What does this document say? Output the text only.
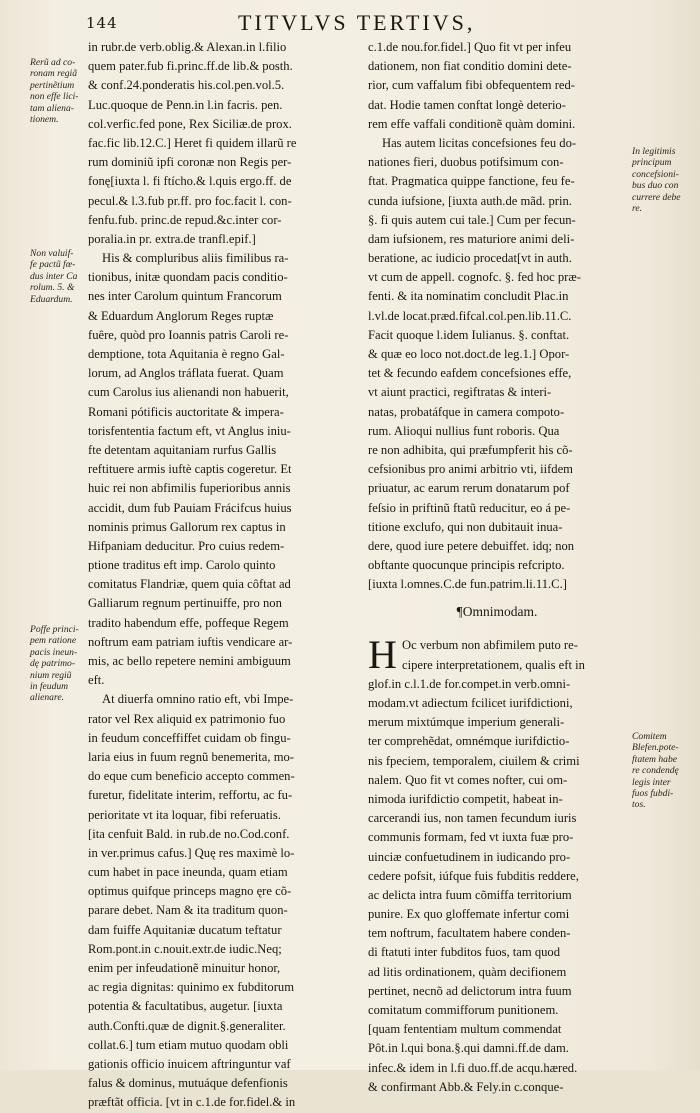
144	TITVLVS TERTIVS,
in rubr.de verb.oblig.& Alexan.in l.filio
quem pater.fub fi.princ.ff.de lib.& posth.
& conf.24.ponderatis his.col.pen.vol.5.
Luc.quoque de Penn.in l.in facris. pen.
col.verfic.fed pone, Rex Siciliæ.de prox.
fac.fic lib.12.C.] Heret fi quidem illarũ re
rum dominiũ ipfi coronæ non Regis per-
fonę[iuxta l. fi ftícho.& l.quis ergo.ff. de
pecul.& l.3.fub pr.ff. pro foc.facit l. con-
fenfu.fub. princ.de repud.&c.inter cor-
poralia.in pr. extra.de tranfl.epif.]
His & compluribus aliis fimilibus ra-
tionibus, initæ quondam pacis conditio-
nes inter Carolum quintum Francorum
& Eduardum Anglorum Reges ruptæ
fuêre, quòd pro Ioannis patris Caroli re-
demptione, tota Aquitania è regno Gal-
lorum, ad Anglos tráflata fuerat. Quam
cum Carolus ius alienandi non habuerit,
Romani pótificis auctoritate & impera-
torisfententia factum eft, vt Anglus iniu-
fte detentam aquitaniam rurfus Gallis
reftituere armis iuftè captis cogeretur. Et
huic rei non abfimilis fuperioribus annis
accidit, dum fub Pauiam Frácifcus huius
nominis primus Gallorum rex captus in
Hifpaniam deducitur. Pro cuius redem-
ptione traditus eft imp. Carolo quinto
comitatus Flandriæ, quem quia côftat ad
Galliarum regnum pertinuiffe, pro non
tradito habendum effe, poffeque Regem
noftrum eam patriam iuftis vendicare ar-
mis, ac bello repetere nemini ambiguum
eft.
At diuerfa omnino ratio eft, vbi Impe-
rator vel Rex aliquid ex patrimonio fuo
in feudum conceffiffet cuidam ob fingu-
laria eius in fuum regnũ benemerita, mo-
do eque cum beneficio accepto commen-
furetur, fidelitate interim, reffortu, ac fu-
perioritate vt ita loquar, fibi referuatis.
[ita cenfuit Bald. in rub.de no.Cod.conf.
in ver.primus cafus.] Quę res maximè lo-
cum habet in pace ineunda, quam etiam
optimus quifque princeps magno ęre cõ-
parare debet. Nam & ita traditum quon-
dam fuiffe Aquitaniæ ducatum teftatur
Rom.pont.in c.nouit.extr.de iudic.Neq;
enim per infeudationẽ minuitur honor,
ac regia dignitas: quinimo ex fubditorum
potentia & facultatibus, augetur. [iuxta
auth.Confti.quæ de dignit.§.generaliter.
collat.6.] tum etiam mutuo quodam obli
gationis officio inuicem aftringuntur vaf
falus & dominus, mutuáque defenfionis
præftãt officia. [vt in c.1.de for.fidel.& in
c.1.de nou.for.fidel.] Quo fit vt per infeu
dationem, non fiat conditio domini dete-
rior, cum vaffalum fibi obfequentem red-
dat. Hodie tamen conftat longè deterio-
rem effe vaffali conditionẽ quàm domini.
Has autem licitas concefsiones feu do-
nationes fieri, duobus potifsimum con-
ftat. Pragmatica quippe fanctione, feu fe-
cunda iufsione, [iuxta auth.de mãd. prin.
§. fi quis autem cui tale.] Cum per fecun-
dam iufsionem, res maturiore animi deli-
beratione, ac iudicio procedat[vt in auth.
vt cum de appell. cognofc. §. fed hoc præ-
fenti. & ita nominatim concludit Plac.in
l.vl.de locat.præd.fifcal.col.pen.lib.11.C.
Facit quoque l.idem Iulianus. §. conftat.
& quæ eo loco not.doct.de leg.1.] Opor-
tet & fecundo eafdem concefsiones effe,
vt aiunt practici, regiftratas & interi-
natas, probatáfque in camera compoto-
rum. Alioqui nullius funt roboris. Qua
re non adhibita, qui præfumpferit his cõ-
cefsionibus pro animi arbitrio vti, iifdem
priuatur, ac earum rerum donatarum pof
feſsio in priftinũ ftatũ reducitur, eo á pe-
titione exclufo, qui non dubitauit inua-
dere, quod iure petere debuiffet. idq; non
obftante quocunque principis refcripto.
[iuxta l.omnes.C.de fun.patrim.li.11.C.]
¶Omnimodam.
H Oc verbum non abfimilem puto re-
cipere interpretationem, qualis eft in
glof.in c.l.1.de for.compet.in verb.omni-
modam.vt adiectum fcilicet iurifdictioni,
merum mixtúmque imperium generali-
ter comprehẽdat, omnémque iurifdictio-
nis fpeciem, temporalem, ciuilem & crimi
nalem. Quo fit vt comes nofter, cui om-
nimoda iurifdictio competit, habeat in-
carcerandi ius, non tamen fecundum iuris
communis formam, fed vt iuxta fuæ pro-
uinciæ confuetudinem in iudicando pro-
cedere pofsit, iúfque fuis fubditis reddere,
ac delicta intra fuum cõmiffa territorium
punire. Ex quo gloffemate infertur comi
tem noftrum, facultatem habere conden-
di ftatuti inter fubditos fuos, tam quod
ad litis ordinationem, quàm decifionem
pertinet, necnõ ad delictorum intra fuum
comitatum commifforum punitionem.
[quam fententiam multum commendat
Pôt.in l.qui bona.§.qui damni.ff.de dam.
infec.& idem in l.fi duo.ff.de acqu.hæred.
& confirmant Abb.& Fely.in c.conque-
Rerũ ad co-
ronam regiã
pertinẽtium
non effe lici-
tam aliena-
tionem.
Non valuif-
fe pactũ fœ-
dus inter Ca
rolum. 5. &
Eduardum.
Poffe princi-
pem ratione
pacis ineun-
dę patrimo-
nium regiũ
in feudum
alienare.
In legitimis
principum
concefsioni-
bus duo con
currere debe
re.
Comitem
Blefen.pote-
ftatem habe
re condendę
legis inter
fuos fubdi-
tos.
